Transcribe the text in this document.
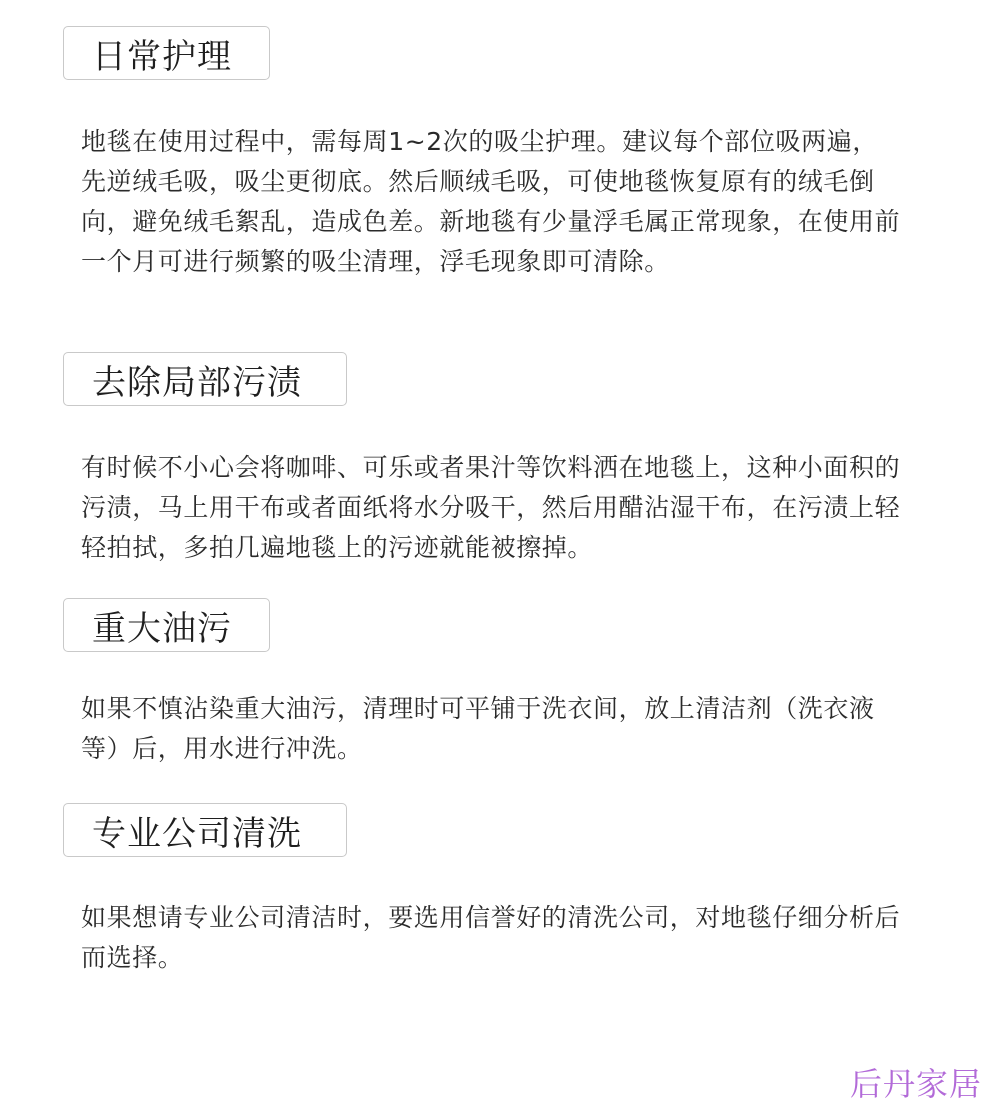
日常护理

地毯在使用过程中，需每周1~2次的吸尘护理。建议每个部位吸两遍，先逆绒毛吸，吸尘更彻底。然后顺绒毛吸，可使地毯恢复原有的绒毛倒向，避免绒毛絮乱，造成色差。新地毯有少量浮毛属正常现象，在使用前一个月可进行频繁的吸尘清理，浮毛现象即可清除。

去除局部污渍

有时候不小心会将咖啡、可乐或者果汁等饮料洒在地毯上，这种小面积的污渍，马上用干布或者面纸将水分吸干，然后用醋沾湿干布，在污渍上轻轻拍拭，多拍几遍地毯上的污迹就能被擦掉。

重大油污

如果不慎沾染重大油污，清理时可平铺于洗衣间，放上清洁剂（洗衣液等）后，用水进行冲洗。

专业公司清洗

如果想请专业公司清洁时，要选用信誉好的清洗公司，对地毯仔细分析后而选择。

后丹家居
